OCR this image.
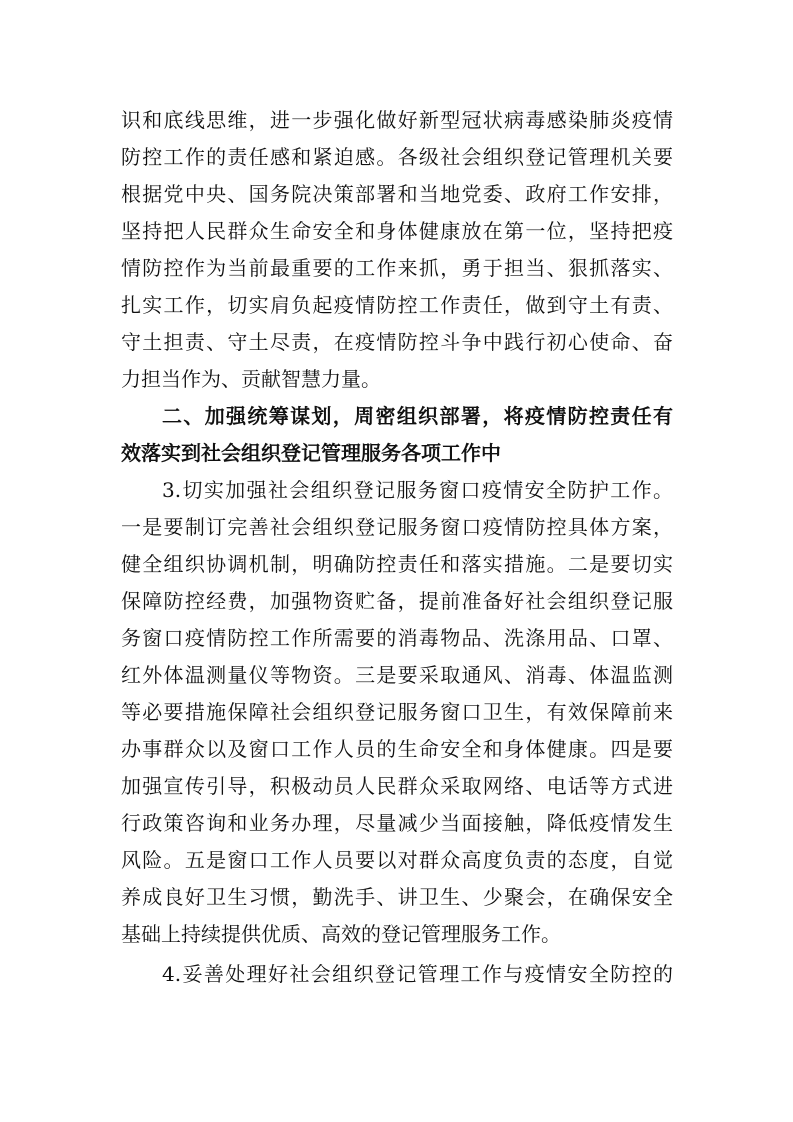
识和底线思维，进一步强化做好新型冠状病毒感染肺炎疫情
防控工作的责任感和紧迫感。各级社会组织登记管理机关要
根据党中央、国务院决策部署和当地党委、政府工作安排，
坚持把人民群众生命安全和身体健康放在第一位，坚持把疫
情防控作为当前最重要的工作来抓，勇于担当、狠抓落实、
扎实工作，切实肩负起疫情防控工作责任，做到守土有责、
守土担责、守土尽责，在疫情防控斗争中践行初心使命、奋
力担当作为、贡献智慧力量。
二、加强统筹谋划，周密组织部署，将疫情防控责任有
效落实到社会组织登记管理服务各项工作中
3.切实加强社会组织登记服务窗口疫情安全防护工作。
一是要制订完善社会组织登记服务窗口疫情防控具体方案，
健全组织协调机制，明确防控责任和落实措施。二是要切实
保障防控经费，加强物资贮备，提前准备好社会组织登记服
务窗口疫情防控工作所需要的消毒物品、洗涤用品、口罩、
红外体温测量仪等物资。三是要采取通风、消毒、体温监测
等必要措施保障社会组织登记服务窗口卫生，有效保障前来
办事群众以及窗口工作人员的生命安全和身体健康。四是要
加强宣传引导，积极动员人民群众采取网络、电话等方式进
行政策咨询和业务办理，尽量减少当面接触，降低疫情发生
风险。五是窗口工作人员要以对群众高度负责的态度，自觉
养成良好卫生习惯，勤洗手、讲卫生、少聚会，在确保安全
基础上持续提供优质、高效的登记管理服务工作。
4.妥善处理好社会组织登记管理工作与疫情安全防控的
